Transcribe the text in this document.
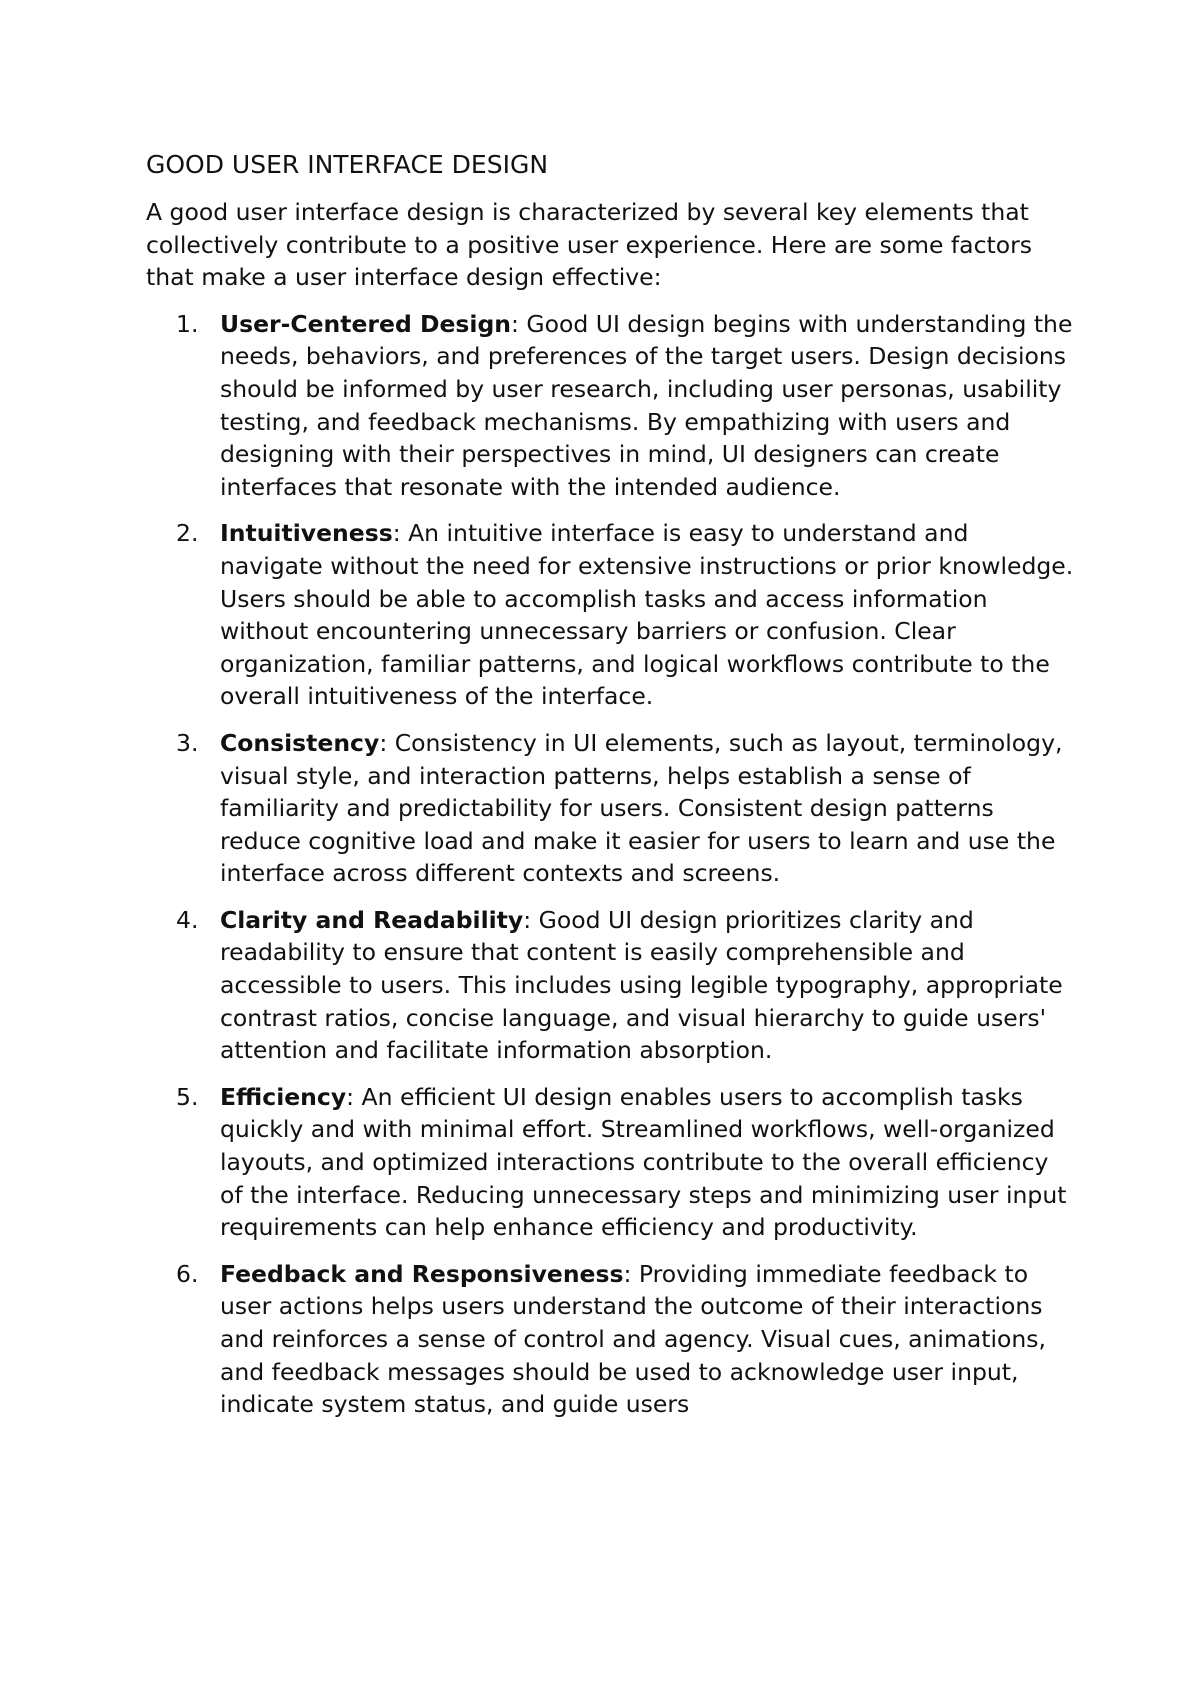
GOOD USER INTERFACE DESIGN

A good user interface design is characterized by several key elements that collectively contribute to a positive user experience. Here are some factors that make a user interface design effective:

1. User-Centered Design: Good UI design begins with understanding the needs, behaviors, and preferences of the target users. Design decisions should be informed by user research, including user personas, usability testing, and feedback mechanisms. By empathizing with users and designing with their perspectives in mind, UI designers can create interfaces that resonate with the intended audience.
2. Intuitiveness: An intuitive interface is easy to understand and navigate without the need for extensive instructions or prior knowledge. Users should be able to accomplish tasks and access information without encountering unnecessary barriers or confusion. Clear organization, familiar patterns, and logical workflows contribute to the overall intuitiveness of the interface.
3. Consistency: Consistency in UI elements, such as layout, terminology, visual style, and interaction patterns, helps establish a sense of familiarity and predictability for users. Consistent design patterns reduce cognitive load and make it easier for users to learn and use the interface across different contexts and screens.
4. Clarity and Readability: Good UI design prioritizes clarity and readability to ensure that content is easily comprehensible and accessible to users. This includes using legible typography, appropriate contrast ratios, concise language, and visual hierarchy to guide users' attention and facilitate information absorption.
5. Efficiency: An efficient UI design enables users to accomplish tasks quickly and with minimal effort. Streamlined workflows, well-organized layouts, and optimized interactions contribute to the overall efficiency of the interface. Reducing unnecessary steps and minimizing user input requirements can help enhance efficiency and productivity.
6. Feedback and Responsiveness: Providing immediate feedback to user actions helps users understand the outcome of their interactions and reinforces a sense of control and agency. Visual cues, animations, and feedback messages should be used to acknowledge user input, indicate system status, and guide users
